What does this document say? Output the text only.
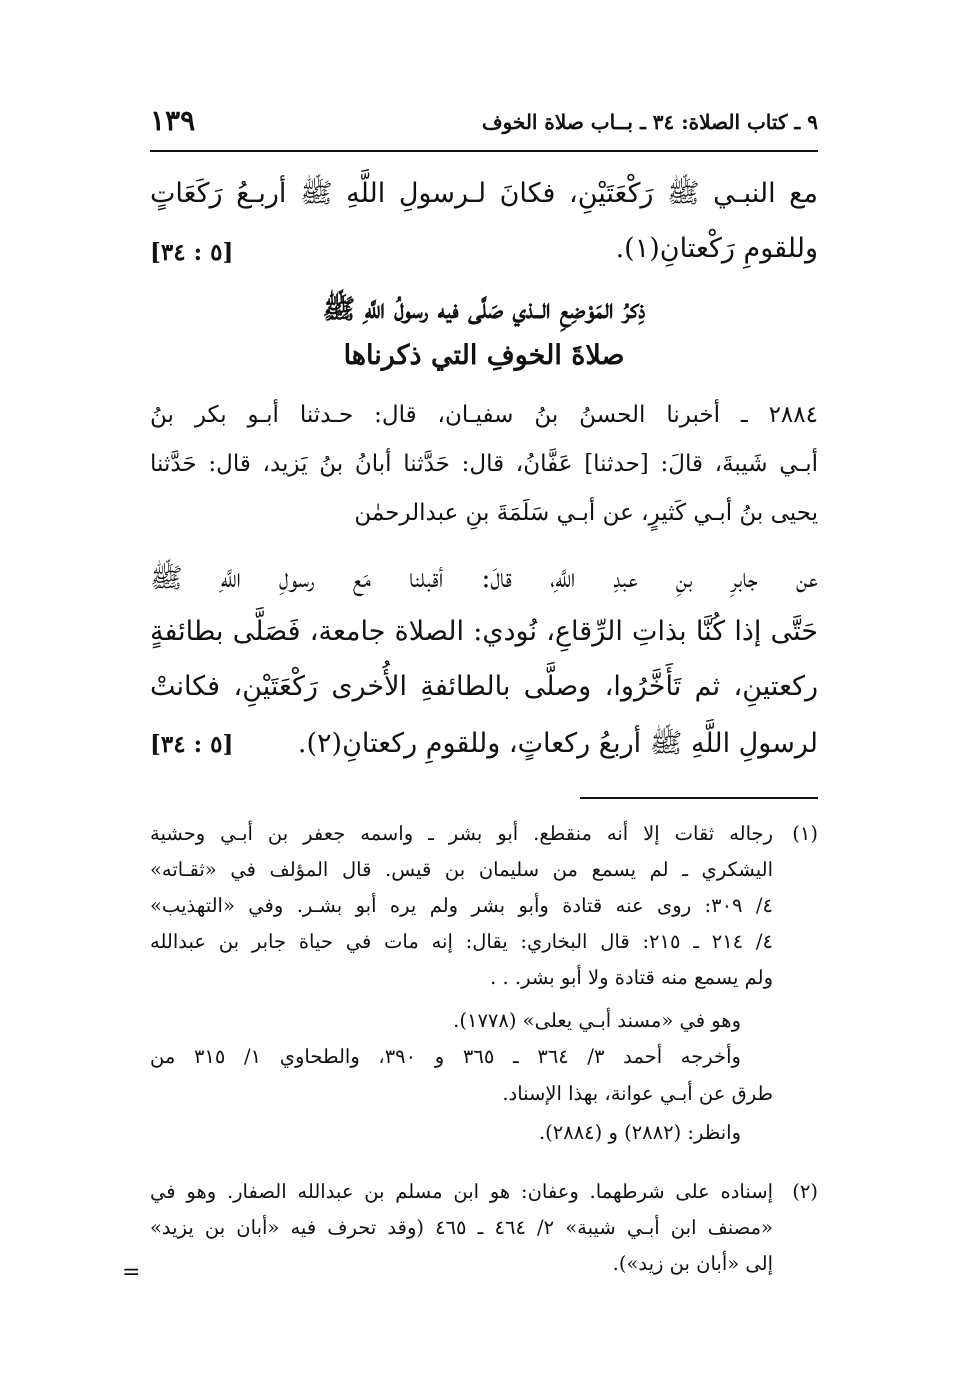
٩ ـ كتاب الصلاة: ٣٤ ـ بــاب صلاة الخوف
١٣٩
مع النبـي ﷺ رَكْعَتَيْنِ، فكانَ لـرسولِ اللَّهِ ﷺ أربـعُ رَكَعَاتٍ
وللقومِ رَكْعتانِ(١).
[٥ : ٣٤]
ذِكرُ المَوْضِعِ الــذي صَلَّى فيه رسولُ اللَّهِ ﷺ
صلاةَ الخوفِ التي ذكرناها
٢٨٨٤ ـ أخبرنا الحسنُ بنُ سفيـان، قال: حـدثنا أبـو بكر بنُ
أبـي شَيبةَ، قالَ: [حدثنا] عَفَّانُ، قال: حَدَّثنا أبانُ بنُ يَزيد، قال: حَدَّثنا
يحيى بنُ أبـي كَثيرٍ، عن أبـي سَلَمَةَ بنِ عبدالرحمٰن
عن جابرِ بنِ عبدِ اللَّهِ، قالَ: أقبلنا مَع رسولِ اللَّهِ ﷺ
حَتَّى إذا كُنَّا بذاتِ الرِّقاعِ، نُودي: الصلاة جامعة، فَصَلَّى بطائفةٍ
ركعتينِ، ثم تَأَخَّرُوا، وصلَّى بالطائفةِ الأُخرى رَكْعَتَيْنِ، فكانتْ
لرسولِ اللَّهِ ﷺ أربعُ ركعاتٍ، وللقومِ ركعتانِ(٢).
[٥ : ٣٤]
(١)
رجاله ثقات إلا أنه منقطع. أبو بشر ـ واسمه جعفر بن أبـي وحشية
اليشكري ـ لم يسمع من سليمان بن قيس. قال المؤلف في «ثقـاته»
٤/ ٣٠٩: روى عنه قتادة وأبو بشر ولم يره أبو بشـر. وفي «التهذيب»
٤/ ٢١٤ ـ ٢١٥: قال البخاري: يقال: إنه مات في حياة جابر بن عبدالله
ولم يسمع منه قتادة ولا أبو بشر. . .
وهو في «مسند أبـي يعلى» (١٧٧٨).
وأخرجه أحمد ٣/ ٣٦٤ ـ ٣٦٥ و ٣٩٠، والطحاوي ١/ ٣١٥ من
طرق عن أبـي عوانة، بهذا الإسناد.
وانظر: (٢٨٨٢) و (٢٨٨٤).
(٢)
إسناده على شرطهما. وعفان: هو ابن مسلم بن عبدالله الصفار. وهو في
«مصنف ابن أبـي شيبة» ٢/ ٤٦٤ ـ ٤٦٥ (وقد تحرف فيه «أبان بن يزيد»
إلى «أبان بن زيد»).
=
